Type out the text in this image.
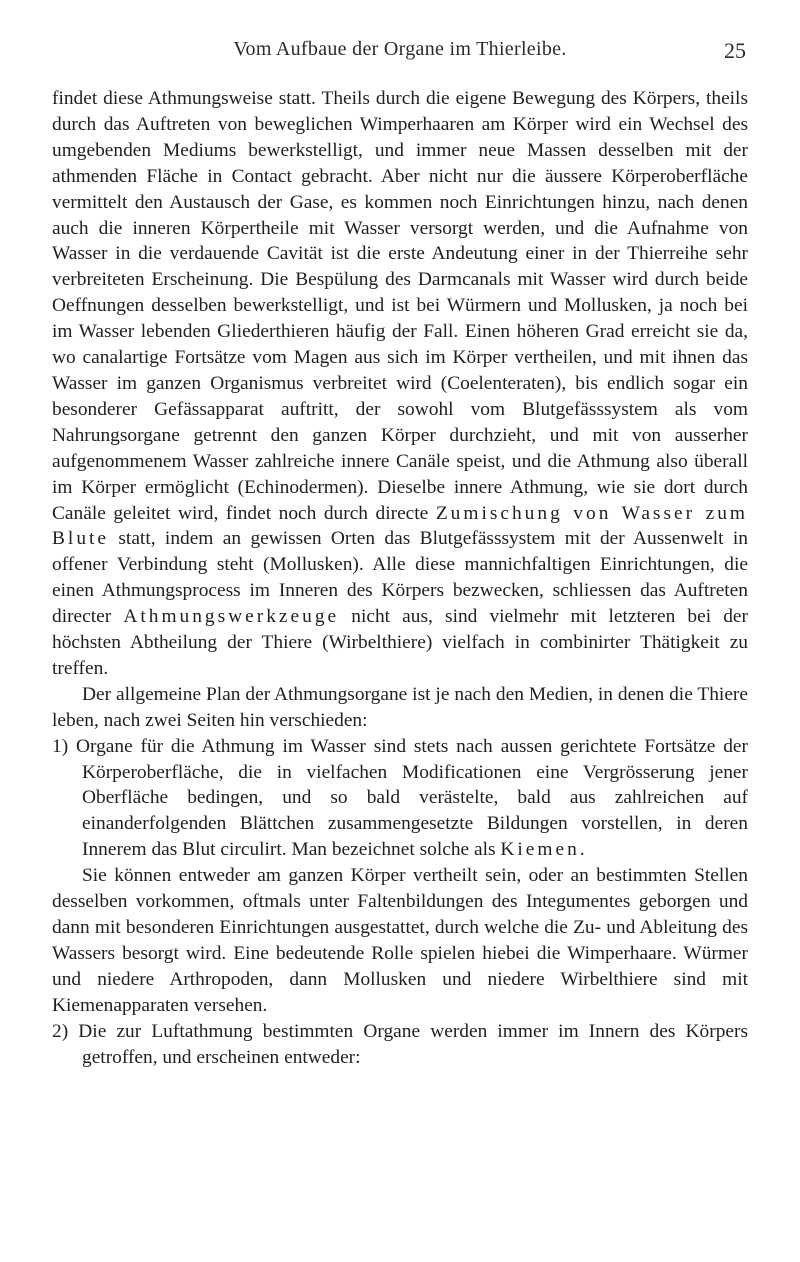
Vom Aufbaue der Organe im Thierleibe.	25

findet diese Athmungsweise statt. Theils durch die eigene Bewegung des Körpers, theils durch das Auftreten von beweglichen Wimperhaaren am Körper wird ein Wechsel des umgebenden Mediums bewerkstelligt, und immer neue Massen desselben mit der athmenden Fläche in Contact gebracht. Aber nicht nur die äussere Körperoberfläche vermittelt den Austausch der Gase, es kommen noch Einrichtungen hinzu, nach denen auch die inneren Körpertheile mit Wasser versorgt werden, und die Aufnahme von Wasser in die verdauende Cavität ist die erste Andeutung einer in der Thierreihe sehr verbreiteten Erscheinung. Die Bespülung des Darmcanals mit Wasser wird durch beide Oeffnungen desselben bewerkstelligt, und ist bei Würmern und Mollusken, ja noch bei im Wasser lebenden Gliederthieren häufig der Fall. Einen höheren Grad erreicht sie da, wo canalartige Fortsätze vom Magen aus sich im Körper vertheilen, und mit ihnen das Wasser im ganzen Organismus verbreitet wird (Coelenteraten), bis endlich sogar ein besonderer Gefässapparat auftritt, der sowohl vom Blutgefässsystem als vom Nahrungsorgane getrennt den ganzen Körper durchzieht, und mit von ausserher aufgenommenem Wasser zahlreiche innere Canäle speist, und die Athmung also überall im Körper ermöglicht (Echinodermen). Dieselbe innere Athmung, wie sie dort durch Canäle geleitet wird, findet noch durch directe Zumischung von Wasser zum Blute statt, indem an gewissen Orten das Blutgefässsystem mit der Aussenwelt in offener Verbindung steht (Mollusken). Alle diese mannichfaltigen Einrichtungen, die einen Athmungsprocess im Inneren des Körpers bezwecken, schliessen das Auftreten directer Athmungswerkzeuge nicht aus, sind vielmehr mit letzteren bei der höchsten Abtheilung der Thiere (Wirbelthiere) vielfach in combinirter Thätigkeit zu treffen.

Der allgemeine Plan der Athmungsorgane ist je nach den Medien, in denen die Thiere leben, nach zwei Seiten hin verschieden:

1) Organe für die Athmung im Wasser sind stets nach aussen gerichtete Fortsätze der Körperoberfläche, die in vielfachen Modificationen eine Vergrösserung jener Oberfläche bedingen, und so bald verästelte, bald aus zahlreichen auf einanderfolgenden Blättchen zusammengesetzte Bildungen vorstellen, in deren Innerem das Blut circulirt. Man bezeichnet solche als Kiemen.

Sie können entweder am ganzen Körper vertheilt sein, oder an bestimmten Stellen desselben vorkommen, oftmals unter Faltenbildungen des Integumentes geborgen und dann mit besonderen Einrichtungen ausgestattet, durch welche die Zu- und Ableitung des Wassers besorgt wird. Eine bedeutende Rolle spielen hiebei die Wimperhaare. Würmer und niedere Arthropoden, dann Mollusken und niedere Wirbelthiere sind mit Kiemenapparaten versehen.

2) Die zur Luftathmung bestimmten Organe werden immer im Innern des Körpers getroffen, und erscheinen entweder:
